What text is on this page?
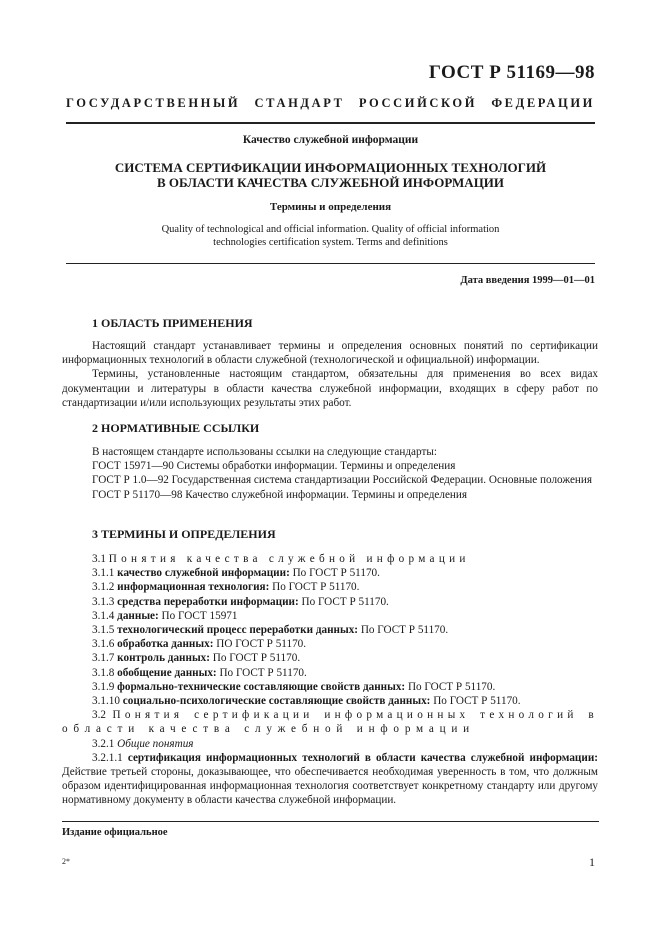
ГОСТ Р 51169—98
ГОСУДАРСТВЕННЫЙ СТАНДАРТ РОССИЙСКОЙ ФЕДЕРАЦИИ
Качество служебной информации
СИСТЕМА СЕРТИФИКАЦИИ ИНФОРМАЦИОННЫХ ТЕХНОЛОГИЙ
В ОБЛАСТИ КАЧЕСТВА СЛУЖЕБНОЙ ИНФОРМАЦИИ
Термины и определения
Quality of technological and official information. Quality of official information
technologies certification system. Terms and definitions
Дата введения 1999—01—01
1 ОБЛАСТЬ ПРИМЕНЕНИЯ

Настоящий стандарт устанавливает термины и определения основных понятий по сертификации информационных технологий в области служебной (технологической и официальной) информации.

Термины, установленные настоящим стандартом, обязательны для применения во всех видах документации и литературы в области качества служебной информации, входящих в сферу работ по стандартизации и/или использующих результаты этих работ.

2 НОРМАТИВНЫЕ ССЫЛКИ

В настоящем стандарте использованы ссылки на следующие стандарты:

ГОСТ 15971—90 Системы обработки информации. Термины и определения

ГОСТ Р 1.0—92 Государственная система стандартизации Российской Федерации. Основные положения

ГОСТ Р 51170—98 Качество служебной информации. Термины и определения

3 ТЕРМИНЫ И ОПРЕДЕЛЕНИЯ
3.1 Понятия качества служебной информации
3.1.1 качество служебной информации: По ГОСТ Р 51170.
3.1.2 информационная технология: По ГОСТ Р 51170.
3.1.3 средства переработки информации: По ГОСТ Р 51170.
3.1.4 данные: По ГОСТ 15971
3.1.5 технологический процесс переработки данных: По ГОСТ Р 51170.
3.1.6 обработка данных: ПО ГОСТ Р 51170.
3.1.7 контроль данных: По ГОСТ Р 51170.
3.1.8 обобщение данных: По ГОСТ Р 51170.
3.1.9 формально-технические составляющие свойств данных: По ГОСТ Р 51170.
3.1.10 социально-психологические составляющие свойств данных: По ГОСТ Р 51170.
3.2 Понятия сертификации информационных технологий в
области качества служебной информации
3.2.1 Общие понятия

3.2.1.1 сертификация информационных технологий в области качества служебной информации: Действие третьей стороны, доказывающее, что обеспечивается необходимая уверенность в том, что должным образом идентифицированная информационная технология соответствует конкретному стандарту или другому нормативному документу в области качества служебной информации.

Издание официальное
2*	1
